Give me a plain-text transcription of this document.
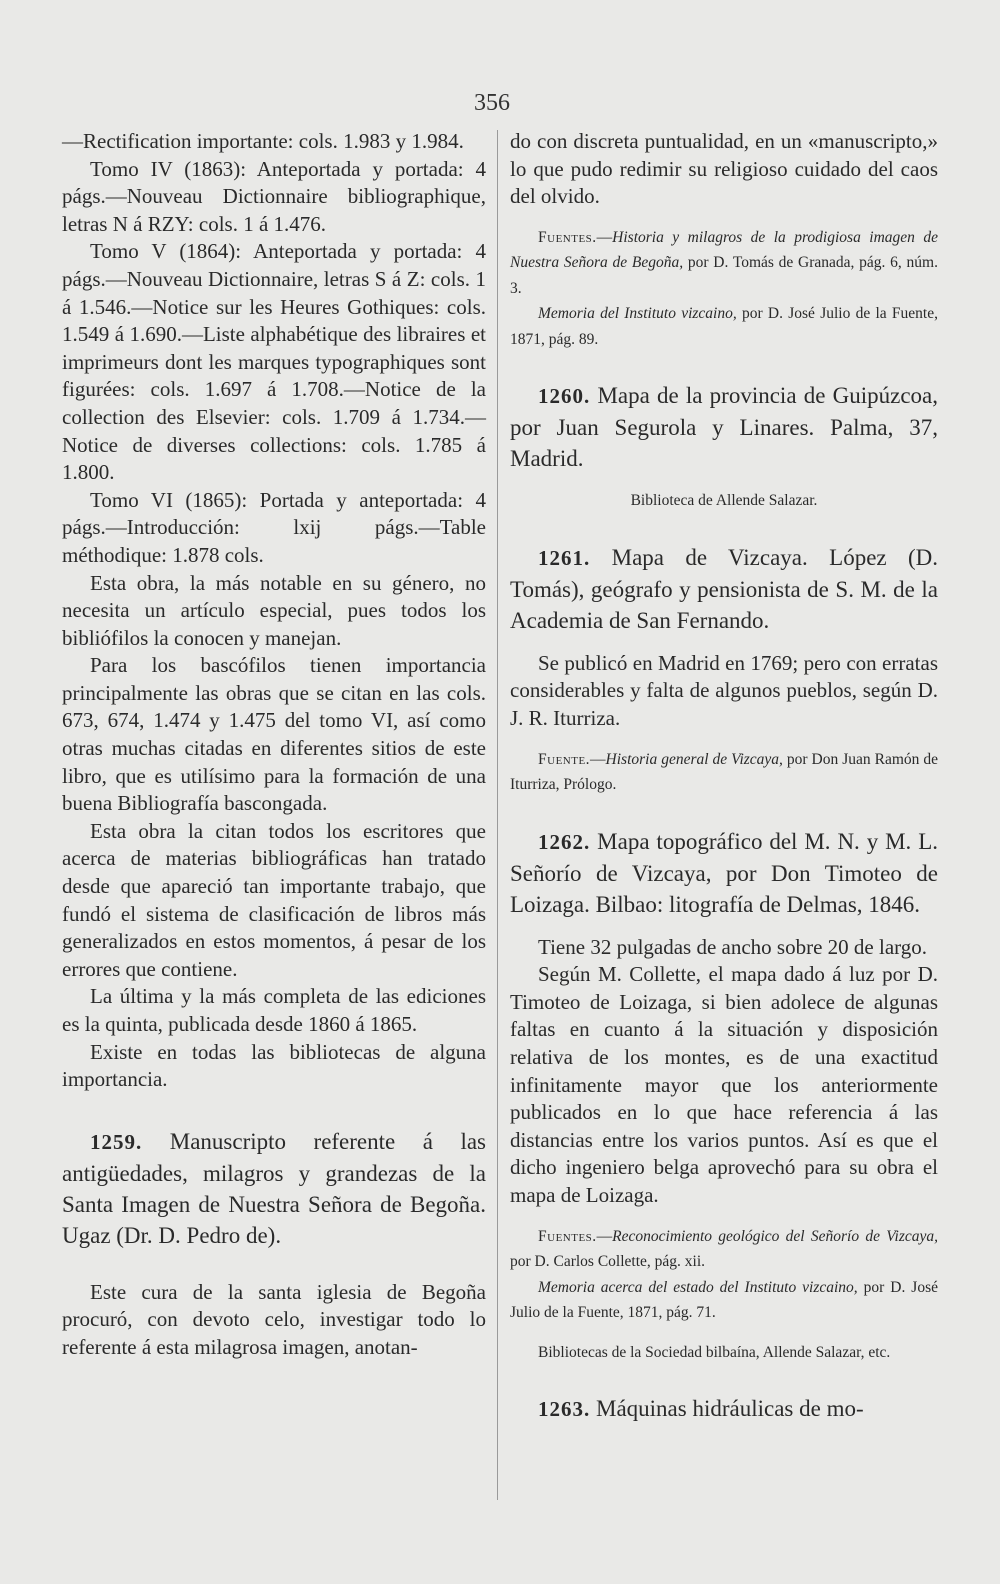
356

—Rectification importante: cols. 1.983 y 1.984.

Tomo IV (1863): Anteportada y portada: 4 págs.—Nouveau Dictionnaire bibliographique, letras N á RZY: cols. 1 á 1.476.

Tomo V (1864): Anteportada y portada: 4 págs.—Nouveau Dictionnaire, letras S á Z: cols. 1 á 1.546.—Notice sur les Heures Gothiques: cols. 1.549 á 1.690.—Liste alphabétique des libraires et imprimeurs dont les marques typographiques sont figurées: cols. 1.697 á 1.708.—Notice de la collection des Elsevier: cols. 1.709 á 1.734.—Notice de diverses collections: cols. 1.785 á 1.800.

Tomo VI (1865): Portada y anteportada: 4 págs.—Introducción: lxij págs.—Table méthodique: 1.878 cols.

Esta obra, la más notable en su género, no necesita un artículo especial, pues todos los bibliófilos la conocen y manejan.

Para los bascófilos tienen importancia principalmente las obras que se citan en las cols. 673, 674, 1.474 y 1.475 del tomo VI, así como otras muchas citadas en diferentes sitios de este libro, que es utilísimo para la formación de una buena Bibliografía bascongada.

Esta obra la citan todos los escritores que acerca de materias bibliográficas han tratado desde que apareció tan importante trabajo, que fundó el sistema de clasificación de libros más generalizados en estos momentos, á pesar de los errores que contiene.

La última y la más completa de las ediciones es la quinta, publicada desde 1860 á 1865.

Existe en todas las bibliotecas de alguna importancia.

1259. Manuscripto referente á las antigüedades, milagros y grandezas de la Santa Imagen de Nuestra Señora de Begoña. Ugaz (Dr. D. Pedro de).

Este cura de la santa iglesia de Begoña procuró, con devoto celo, investigar todo lo referente á esta milagrosa imagen, anotan-

do con discreta puntualidad, en un «manuscripto,» lo que pudo redimir su religioso cuidado del caos del olvido.

Fuentes.—Historia y milagros de la prodigiosa imagen de Nuestra Señora de Begoña, por D. Tomás de Granada, pág. 6, núm. 3.

Memoria del Instituto vizcaino, por D. José Julio de la Fuente, 1871, pág. 89.

1260. Mapa de la provincia de Guipúzcoa, por Juan Segurola y Linares. Palma, 37, Madrid.

Biblioteca de Allende Salazar.

1261. Mapa de Vizcaya. López (D. Tomás), geógrafo y pensionista de S. M. de la Academia de San Fernando.

Se publicó en Madrid en 1769; pero con erratas considerables y falta de algunos pueblos, según D. J. R. Iturriza.

Fuente.—Historia general de Vizcaya, por Don Juan Ramón de Iturriza, Prólogo.

1262. Mapa topográfico del M. N. y M. L. Señorío de Vizcaya, por Don Timoteo de Loizaga. Bilbao: litografía de Delmas, 1846.

Tiene 32 pulgadas de ancho sobre 20 de largo.

Según M. Collette, el mapa dado á luz por D. Timoteo de Loizaga, si bien adolece de algunas faltas en cuanto á la situación y disposición relativa de los montes, es de una exactitud infinitamente mayor que los anteriormente publicados en lo que hace referencia á las distancias entre los varios puntos. Así es que el dicho ingeniero belga aprovechó para su obra el mapa de Loizaga.

Fuentes.—Reconocimiento geológico del Señorío de Vizcaya, por D. Carlos Collette, pág. xii.

Memoria acerca del estado del Instituto vizcaino, por D. José Julio de la Fuente, 1871, pág. 71.

Bibliotecas de la Sociedad bilbaína, Allende Salazar, etc.

1263. Máquinas hidráulicas de mo-
